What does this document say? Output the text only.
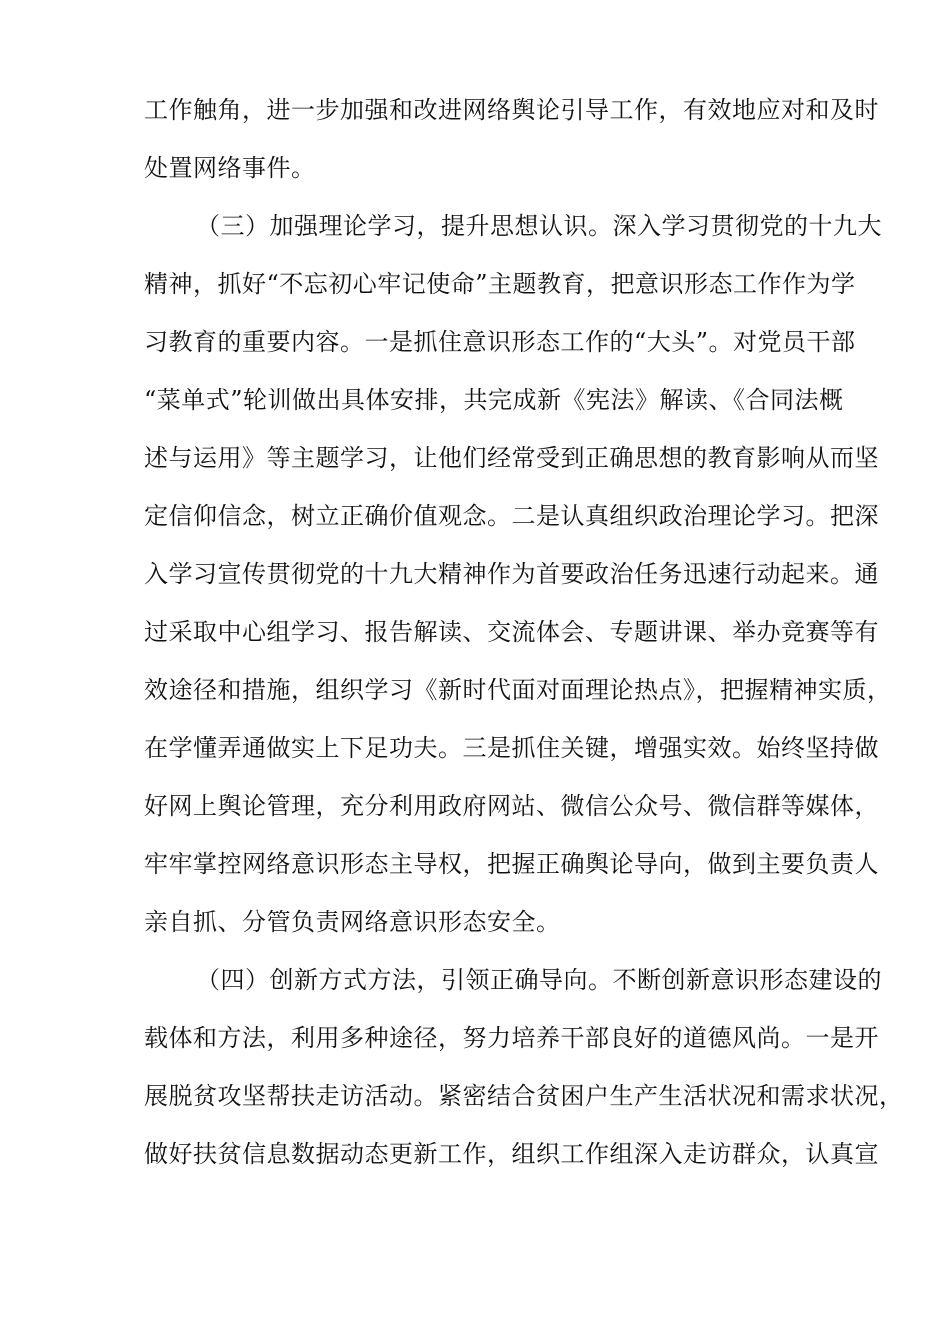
工作触角，进一步加强和改进网络舆论引导工作，有效地应对和及时
处置网络事件。
（三）加强理论学习，提升思想认识。深入学习贯彻党的十九大
精神，抓好“不忘初心牢记使命”主题教育，把意识形态工作作为学
习教育的重要内容。一是抓住意识形态工作的“大头”。对党员干部
“菜单式”轮训做出具体安排，共完成新《宪法》解读、《合同法概
述与运用》等主题学习，让他们经常受到正确思想的教育影响从而坚
定信仰信念，树立正确价值观念。二是认真组织政治理论学习。把深
入学习宣传贯彻党的十九大精神作为首要政治任务迅速行动起来。通
过采取中心组学习、报告解读、交流体会、专题讲课、举办竞赛等有
效途径和措施，组织学习《新时代面对面理论热点》，把握精神实质，
在学懂弄通做实上下足功夫。三是抓住关键，增强实效。始终坚持做
好网上舆论管理，充分利用政府网站、微信公众号、微信群等媒体，
牢牢掌控网络意识形态主导权，把握正确舆论导向，做到主要负责人
亲自抓、分管负责网络意识形态安全。
（四）创新方式方法，引领正确导向。不断创新意识形态建设的
载体和方法，利用多种途径，努力培养干部良好的道德风尚。一是开
展脱贫攻坚帮扶走访活动。紧密结合贫困户生产生活状况和需求状况，
做好扶贫信息数据动态更新工作，组织工作组深入走访群众，认真宣
